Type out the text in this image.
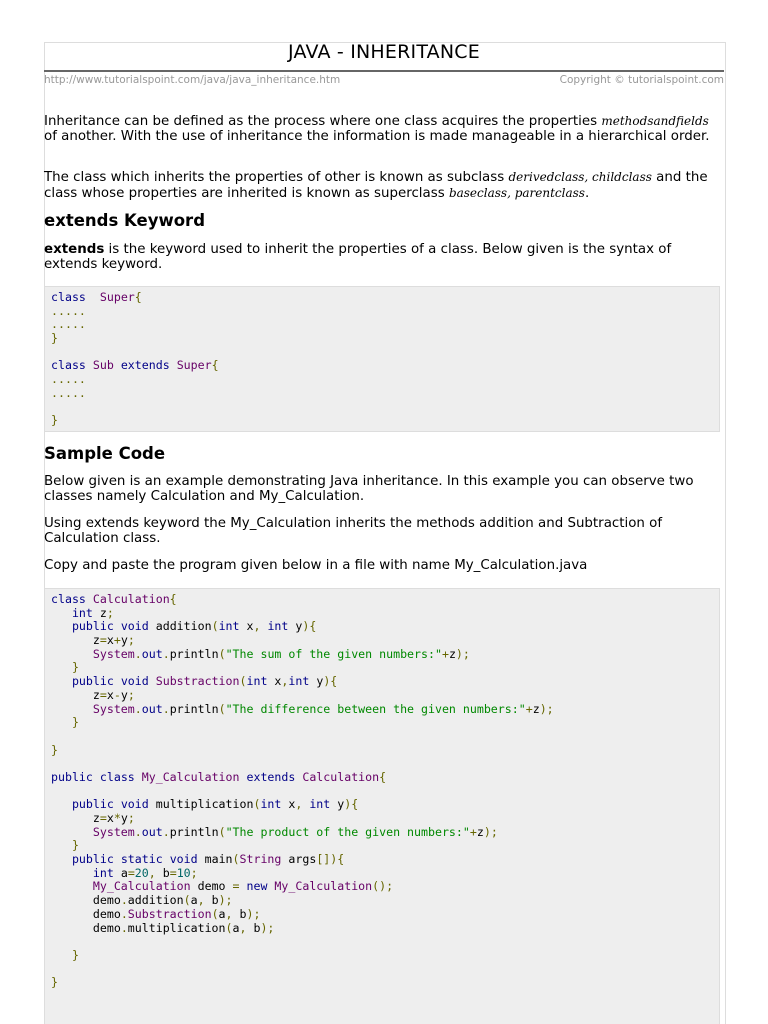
JAVA - INHERITANCE
http://www.tutorialspoint.com/java/java_inheritance.htm	Copyright © tutorialspoint.com
Inheritance can be defined as the process where one class acquires the properties methodsandfields of another. With the use of inheritance the information is made manageable in a hierarchical order.
The class which inherits the properties of other is known as subclass derivedclass, childclass and the class whose properties are inherited is known as superclass baseclass, parentclass.
extends Keyword
extends is the keyword used to inherit the properties of a class. Below given is the syntax of extends keyword.
class Super{
.....
.....
}
class Sub extends Super{
.....
.....
}
Sample Code
Below given is an example demonstrating Java inheritance. In this example you can observe two classes namely Calculation and My_Calculation.
Using extends keyword the My_Calculation inherits the methods addition and Subtraction of Calculation class.
Copy and paste the program given below in a file with name My_Calculation.java
class Calculation{
int z;
public void addition(int x, int y){
z=x+y;
System.out.println("The sum of the given numbers:"+z);
}
public void Substraction(int x,int y){
z=x-y;
System.out.println("The difference between the given numbers:"+z);
}
}
public class My_Calculation extends Calculation{
public void multiplication(int x, int y){
z=x*y;
System.out.println("The product of the given numbers:"+z);
}
public static void main(String args[]){
int a=20, b=10;
My_Calculation demo = new My_Calculation();
demo.addition(a, b);
demo.Substraction(a, b);
demo.multiplication(a, b);
}
}
